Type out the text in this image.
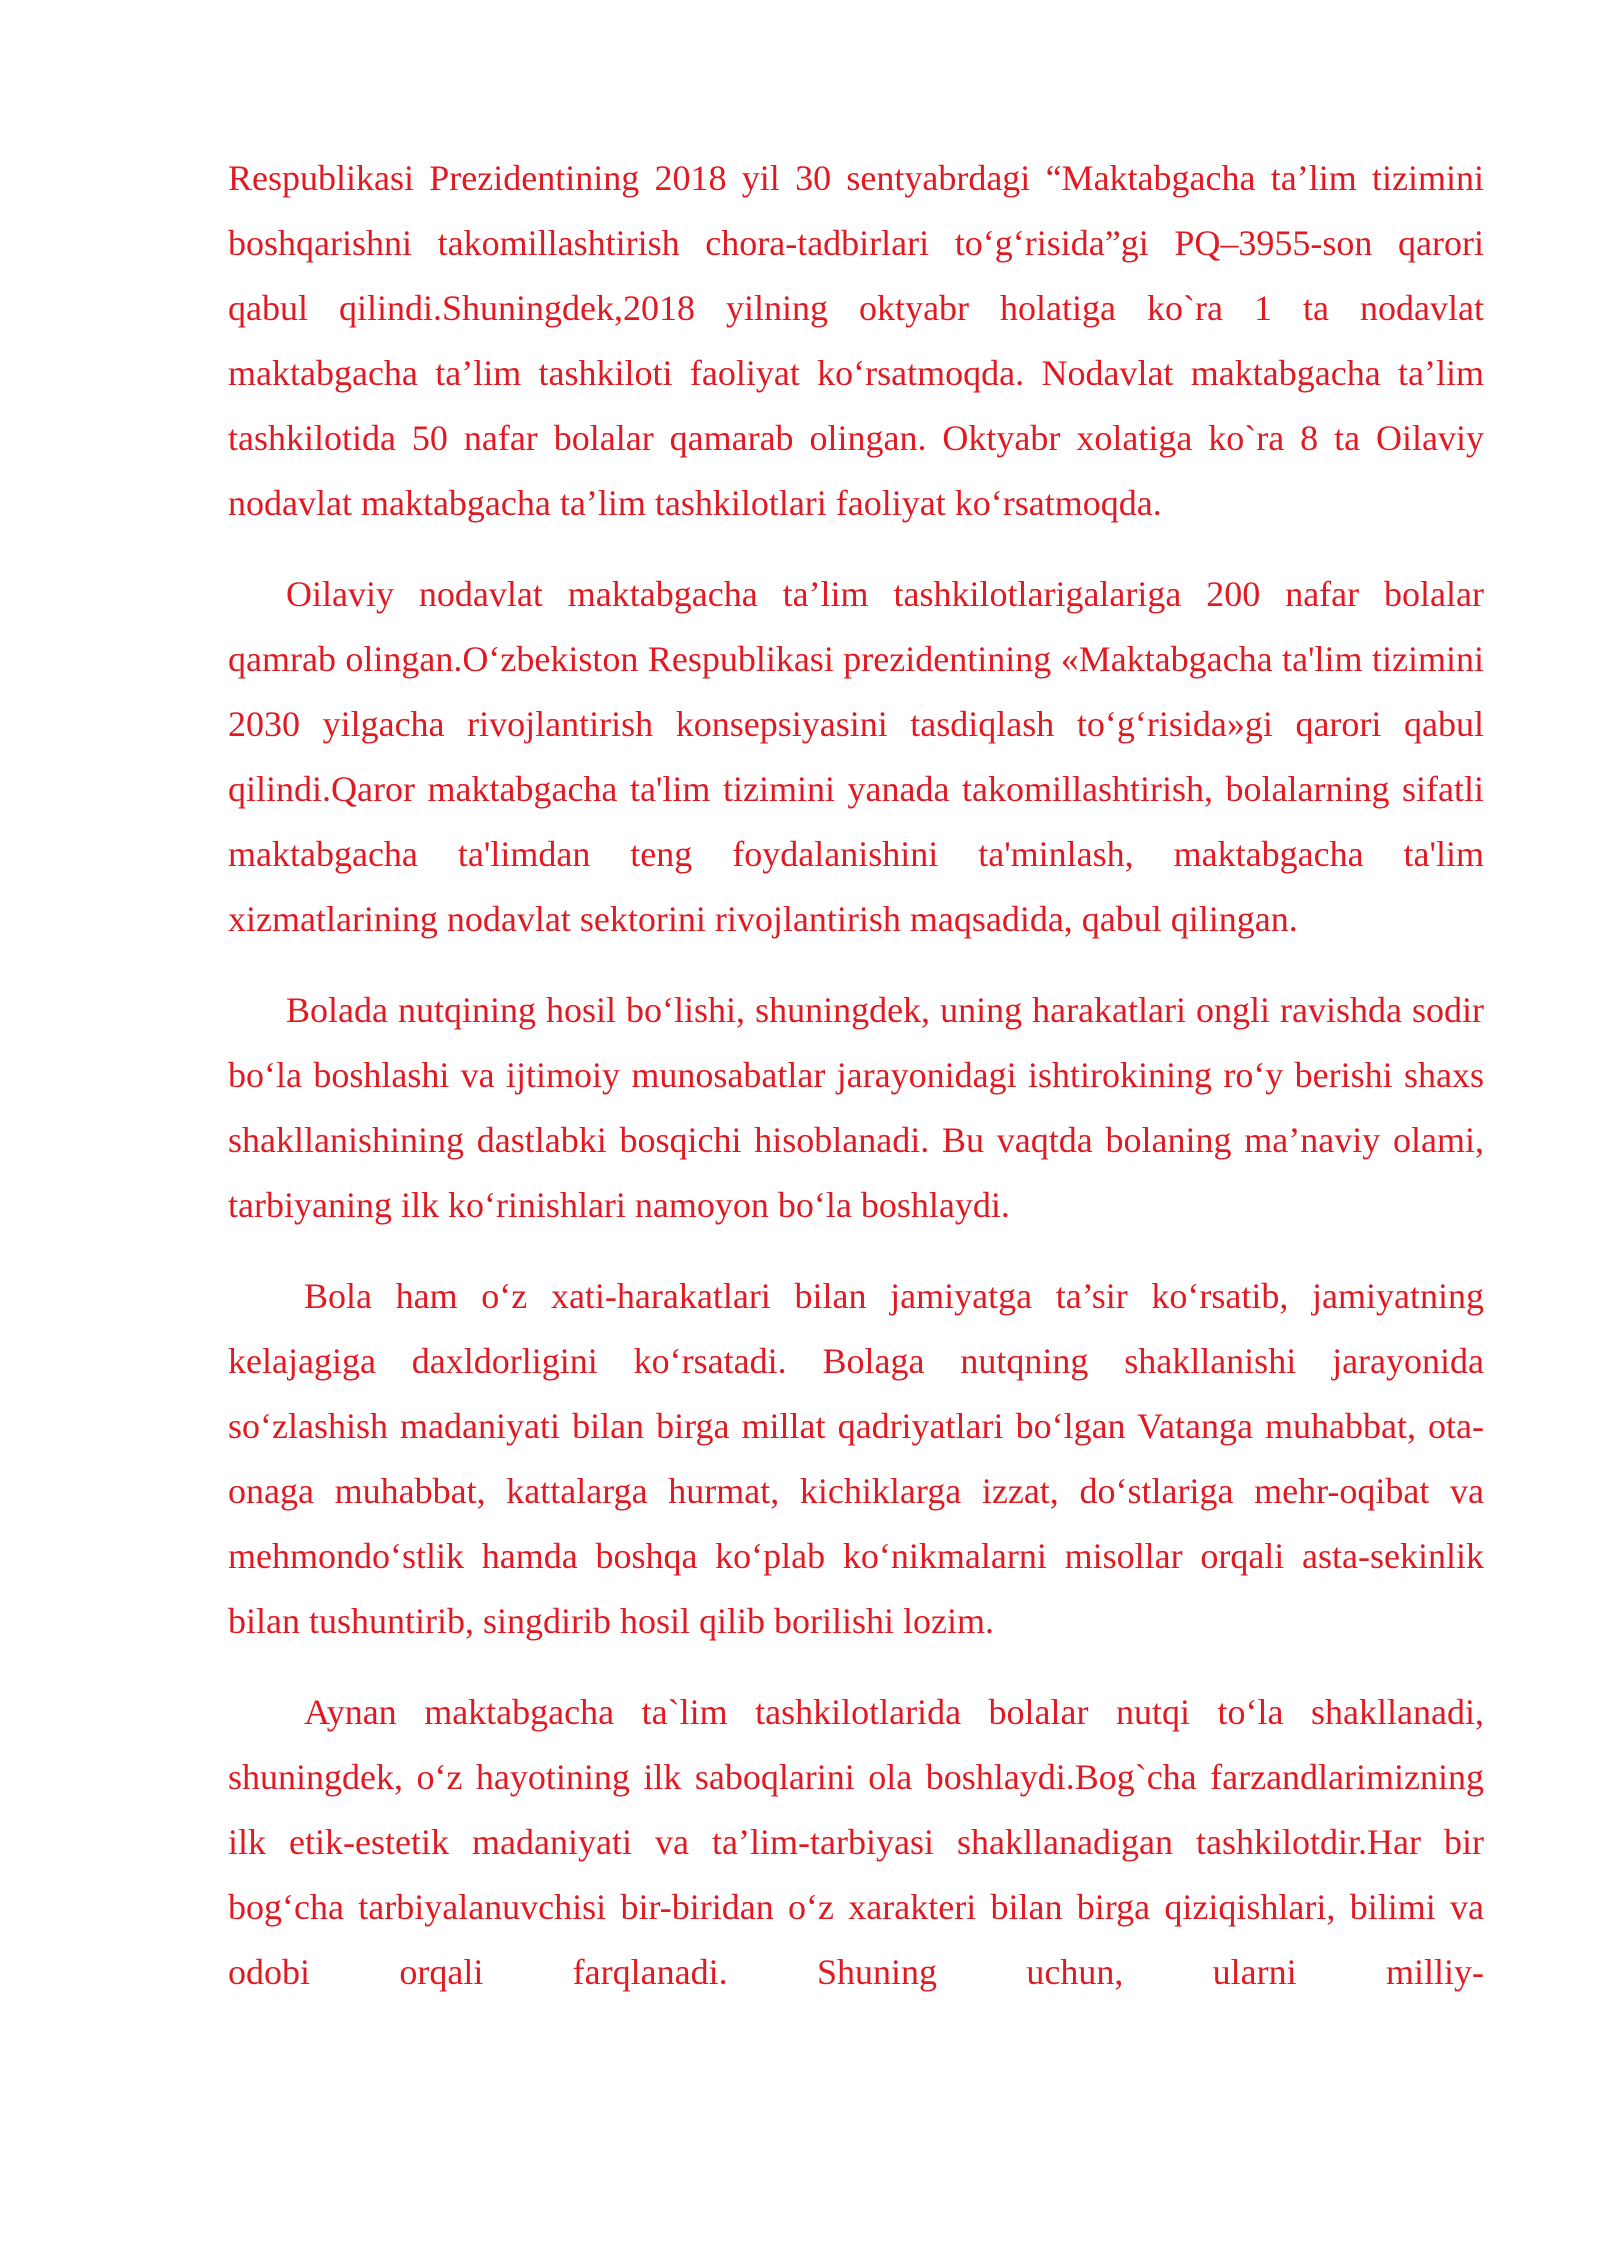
Respublikasi Prezidentining 2018 yil 30 sentyabrdagi “Maktabgacha ta’lim tizimini boshqarishni takomillashtirish chora-tadbirlari to‘g‘risida”gi PQ–3955-son qarori qabul qilindi.Shuningdek,2018 yilning oktyabr holatiga ko`ra 1 ta nodavlat maktabgacha ta’lim tashkiloti faoliyat ko‘rsatmoqda. Nodavlat maktabgacha ta’lim tashkilotida 50 nafar bolalar qamarab olingan. Oktyabr xolatiga ko`ra 8 ta Oilaviy nodavlat maktabgacha ta’lim tashkilotlari faoliyat ko‘rsatmoqda.

Oilaviy nodavlat maktabgacha ta’lim tashkilotlarigalariga 200 nafar bolalar qamrab olingan.O‘zbekiston Respublikasi prezidentining «Maktabgacha ta'lim tizimini 2030 yilgacha rivojlantirish konsepsiyasini tasdiqlash to‘g‘risida»gi qarori qabul qilindi.Qaror maktabgacha ta'lim tizimini yanada takomillashtirish, bolalarning sifatli maktabgacha ta'limdan teng foydalanishini ta'minlash, maktabgacha ta'lim xizmatlarining nodavlat sektorini rivojlantirish maqsadida, qabul qilingan.

Bolada nutqining hosil bo‘lishi, shuningdek, uning harakatlari ongli ravishda sodir bo‘la boshlashi va ijtimoiy munosabatlar jarayonidagi ishtirokining ro‘y berishi shaxs shakllanishining dastlabki bosqichi hisoblanadi. Bu vaqtda bolaning ma’naviy olami, tarbiyaning ilk ko‘rinishlari namoyon bo‘la boshlaydi.

Bola ham o‘z xati-harakatlari bilan jamiyatga ta’sir ko‘rsatib, jamiyatning kelajagiga daxldorligini ko‘rsatadi. Bolaga nutqning shakllanishi jarayonida so‘zlashish madaniyati bilan birga millat qadriyatlari bo‘lgan Vatanga muhabbat, ota-onaga muhabbat, kattalarga hurmat, kichiklarga izzat, do‘stlariga mehr-oqibat va mehmondo‘stlik hamda boshqa ko‘plab ko‘nikmalarni misollar orqali asta-sekinlik bilan tushuntirib, singdirib hosil qilib borilishi lozim.

Aynan maktabgacha ta`lim tashkilotlarida bolalar nutqi to‘la shakllanadi, shuningdek, o‘z hayotining ilk saboqlarini ola boshlaydi.Bog`cha farzandlarimizning ilk etik-estetik madaniyati va ta’lim-tarbiyasi shakllanadigan tashkilotdir.Har bir bog‘cha tarbiyalanuvchisi bir-biridan o‘z xarakteri bilan birga qiziqishlari, bilimi va odobi orqali farqlanadi. Shuning uchun, ularni milliy-
